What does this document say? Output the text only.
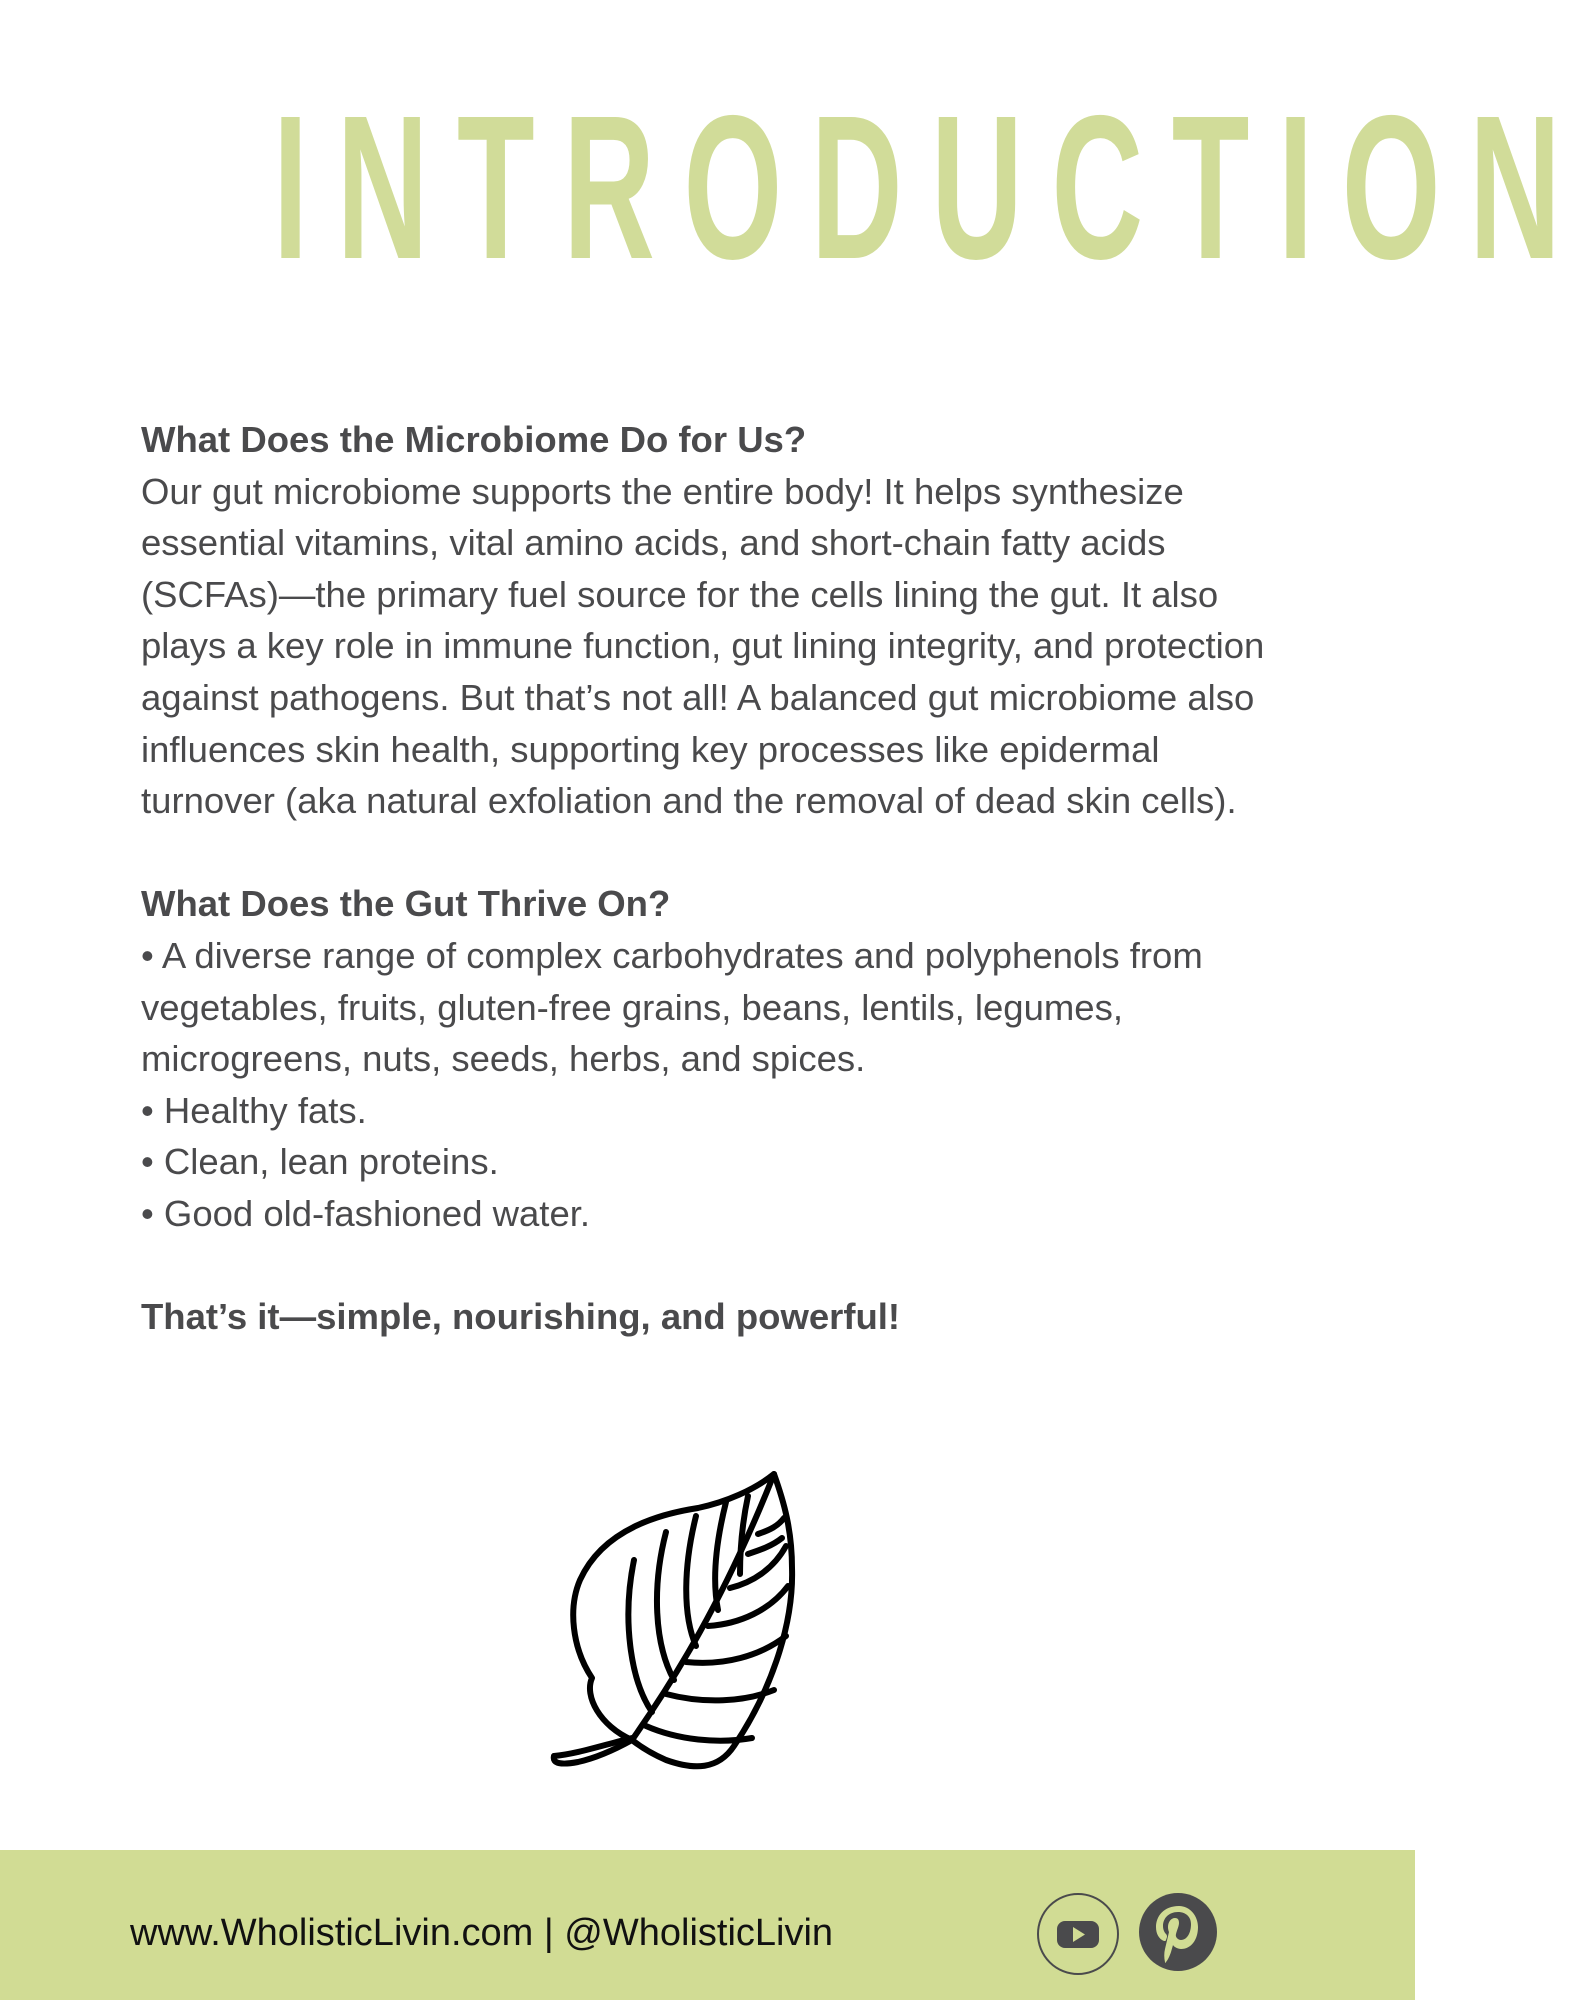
INTRODUCTION

What Does the Microbiome Do for Us?

Our gut microbiome supports the entire body! It helps synthesize essential vitamins, vital amino acids, and short-chain fatty acids (SCFAs)—the primary fuel source for the cells lining the gut. It also plays a key role in immune function, gut lining integrity, and protection against pathogens. But that’s not all! A balanced gut microbiome also influences skin health, supporting key processes like epidermal turnover (aka natural exfoliation and the removal of dead skin cells).

What Does the Gut Thrive On?

• A diverse range of complex carbohydrates and polyphenols from vegetables, fruits, gluten-free grains, beans, lentils, legumes, microgreens, nuts, seeds, herbs, and spices.

• Healthy fats.

• Clean, lean proteins.

• Good old-fashioned water.

That’s it—simple, nourishing, and powerful!

www.WholisticLivin.com | @WholisticLivin
